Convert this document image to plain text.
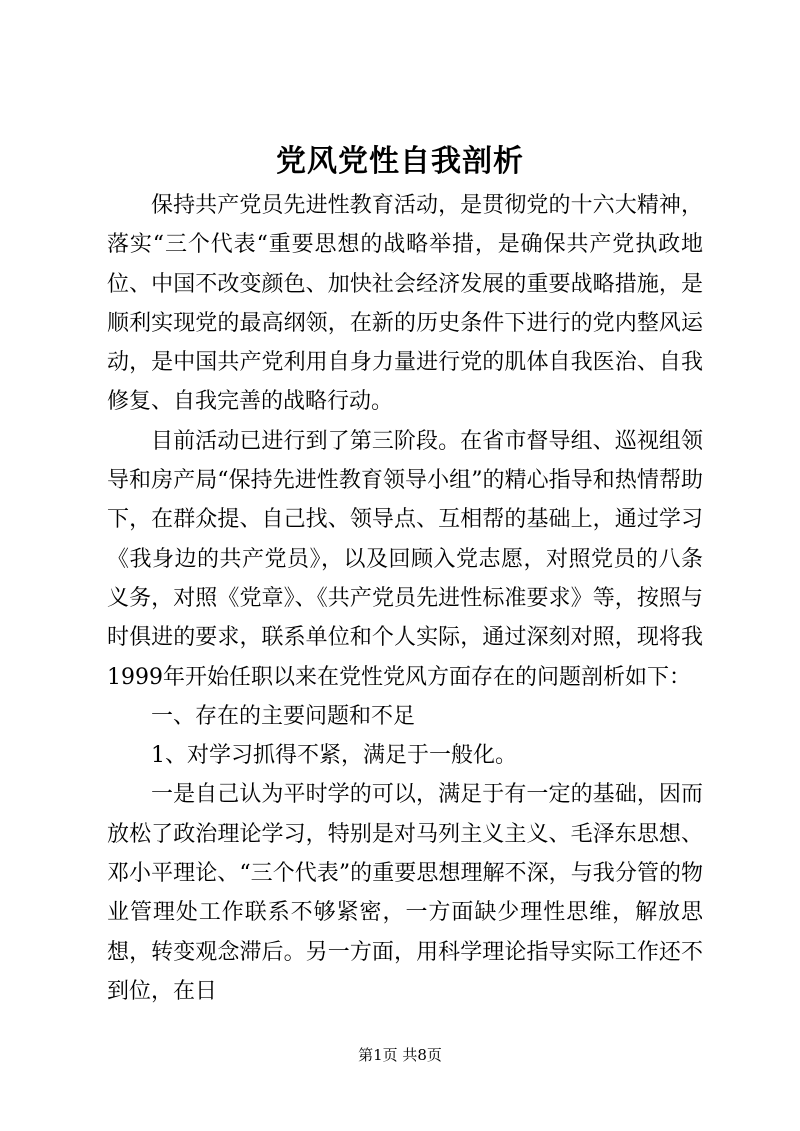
党风党性自我剖析

保持共产党员先进性教育活动，是贯彻党的十六大精神，落实“三个代表“重要思想的战略举措，是确保共产党执政地位、中国不改变颜色、加快社会经济发展的重要战略措施，是顺利实现党的最高纲领，在新的历史条件下进行的党内整风运动，是中国共产党利用自身力量进行党的肌体自我医治、自我修复、自我完善的战略行动。

目前活动已进行到了第三阶段。在省市督导组、巡视组领导和房产局“保持先进性教育领导小组”的精心指导和热情帮助下，在群众提、自己找、领导点、互相帮的基础上，通过学习《我身边的共产党员》，以及回顾入党志愿，对照党员的八条义务，对照《党章》、《共产党员先进性标准要求》等，按照与时俱进的要求，联系单位和个人实际，通过深刻对照，现将我1999年开始任职以来在党性党风方面存在的问题剖析如下：

一、存在的主要问题和不足

1、对学习抓得不紧，满足于一般化。

一是自己认为平时学的可以，满足于有一定的基础，因而放松了政治理论学习，特别是对马列主义主义、毛泽东思想、邓小平理论、“三个代表”的重要思想理解不深，与我分管的物业管理处工作联系不够紧密，一方面缺少理性思维，解放思想，转变观念滞后。另一方面，用科学理论指导实际工作还不到位，在日

第1页 共8页
